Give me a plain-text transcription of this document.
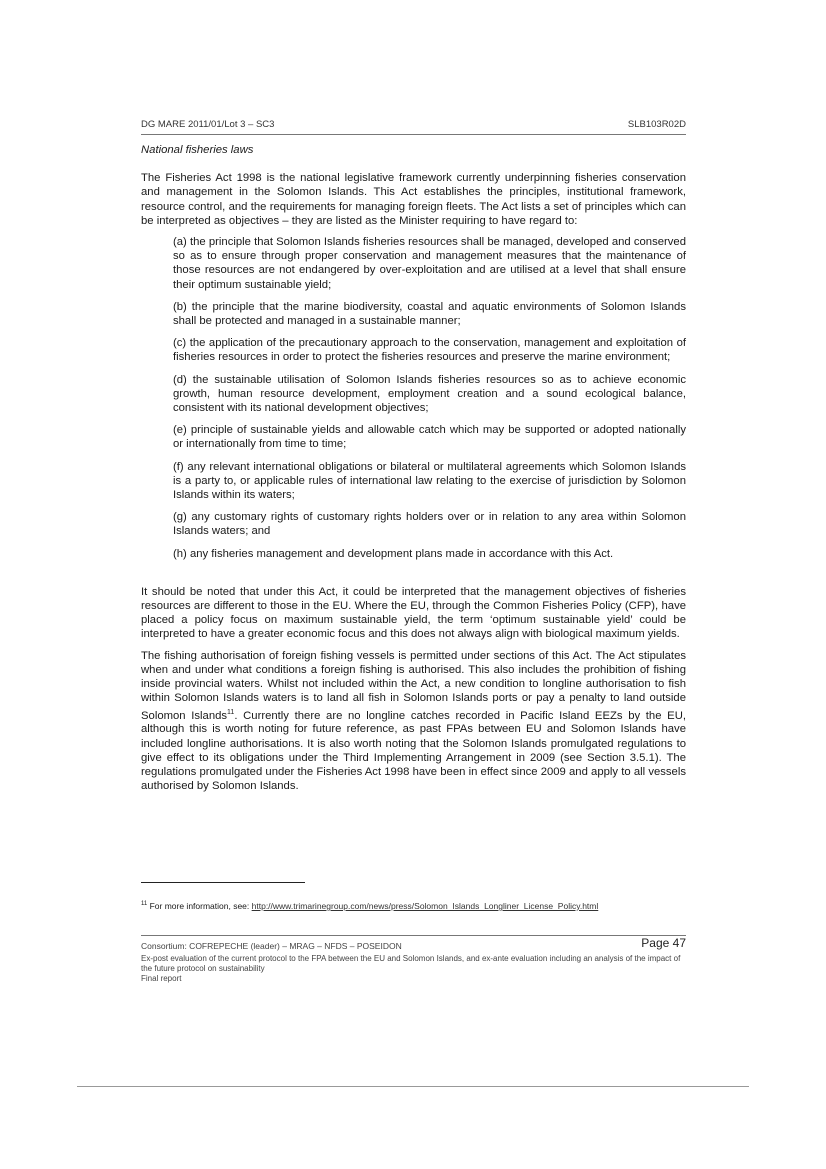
DG MARE 2011/01/Lot 3 – SC3	SLB103R02D
National fisheries laws

The Fisheries Act 1998 is the national legislative framework currently underpinning fisheries conservation and management in the Solomon Islands. This Act establishes the principles, institutional framework, resource control, and the requirements for managing foreign fleets. The Act lists a set of principles which can be interpreted as objectives – they are listed as the Minister requiring to have regard to:

(a) the principle that Solomon Islands fisheries resources shall be managed, developed and conserved so as to ensure through proper conservation and management measures that the maintenance of those resources are not endangered by over-exploitation and are utilised at a level that shall ensure their optimum sustainable yield;

(b) the principle that the marine biodiversity, coastal and aquatic environments of Solomon Islands shall be protected and managed in a sustainable manner;

(c) the application of the precautionary approach to the conservation, management and exploitation of fisheries resources in order to protect the fisheries resources and preserve the marine environment;

(d) the sustainable utilisation of Solomon Islands fisheries resources so as to achieve economic growth, human resource development, employment creation and a sound ecological balance, consistent with its national development objectives;

(e) principle of sustainable yields and allowable catch which may be supported or adopted nationally or internationally from time to time;

(f) any relevant international obligations or bilateral or multilateral agreements which Solomon Islands is a party to, or applicable rules of international law relating to the exercise of jurisdiction by Solomon Islands within its waters;

(g) any customary rights of customary rights holders over or in relation to any area within Solomon Islands waters; and

(h) any fisheries management and development plans made in accordance with this Act.

It should be noted that under this Act, it could be interpreted that the management objectives of fisheries resources are different to those in the EU. Where the EU, through the Common Fisheries Policy (CFP), have placed a policy focus on maximum sustainable yield, the term ‘optimum sustainable yield’ could be interpreted to have a greater economic focus and this does not always align with biological maximum yields.

The fishing authorisation of foreign fishing vessels is permitted under sections of this Act. The Act stipulates when and under what conditions a foreign fishing is authorised. This also includes the prohibition of fishing inside provincial waters. Whilst not included within the Act, a new condition to longline authorisation to fish within Solomon Islands waters is to land all fish in Solomon Islands ports or pay a penalty to land outside Solomon Islands$^{11}$. Currently there are no longline catches recorded in Pacific Island EEZs by the EU, although this is worth noting for future reference, as past FPAs between EU and Solomon Islands have included longline authorisations. It is also worth noting that the Solomon Islands promulgated regulations to give effect to its obligations under the Third Implementing Arrangement in 2009 (see Section 3.5.1). The regulations promulgated under the Fisheries Act 1998 have been in effect since 2009 and apply to all vessels authorised by Solomon Islands.

$^{11}$ For more information, see: http://www.trimarinegroup.com/news/press/Solomon_Islands_Longliner_License_Policy.html
Consortium: COFREPECHE (leader) – MRAG – NFDS – POSEIDON	Page 47
Ex-post evaluation of the current protocol to the FPA between the EU and Solomon Islands, and ex-ante evaluation including an analysis of the impact of the future protocol on sustainability
Final report
